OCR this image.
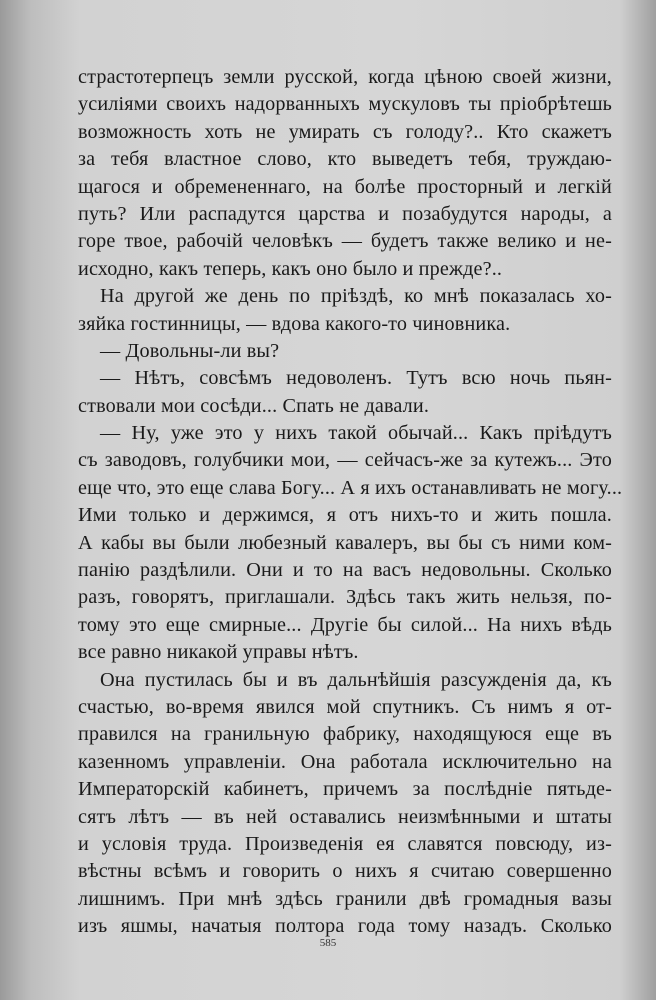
страстотерпецъ земли русской, когда цѣною своей жизни,
усиліями своихъ надорванныхъ мускуловъ ты пріобрѣтешь
возможность хоть не умирать съ голоду?.. Кто скажетъ
за тебя властное слово, кто выведетъ тебя, труждаю-
щагося и обремененнаго, на болѣе просторный и легкій
путь? Или распадутся царства и позабудутся народы, а
горе твое, рабочій человѣкъ — будетъ также велико и не-
исходно, какъ теперь, какъ оно было и прежде?..
На другой же день по пріѣздѣ, ко мнѣ показалась хо-
зяйка гостинницы, — вдова какого-то чиновника.
— Довольны-ли вы?
— Нѣтъ, совсѣмъ недоволенъ. Тутъ всю ночь пьян-
ствовали мои сосѣди... Спать не давали.
— Ну, уже это у нихъ такой обычай... Какъ пріѣдутъ
съ заводовъ, голубчики мои, — сейчасъ-же за кутежъ... Это
еще что, это еще слава Богу... А я ихъ останавливать не могу...
Ими только и держимся, я отъ нихъ-то и жить пошла.
А кабы вы были любезный кавалеръ, вы бы съ ними ком-
панію раздѣлили. Они и то на васъ недовольны. Сколько
разъ, говорятъ, приглашали. Здѣсь такъ жить нельзя, по-
тому это еще смирные... Другіе бы силой... На нихъ вѣдь
все равно никакой управы нѣтъ.
Она пустилась бы и въ дальнѣйшія разсужденія да, къ
счастью, во-время явился мой спутникъ. Съ нимъ я от-
правился на гранильную фабрику, находящуюся еще въ
казенномъ управленіи. Она работала исключительно на
Императорскій кабинетъ, причемъ за послѣдніе пятьде-
сятъ лѣтъ — въ ней оставались неизмѣнными и штаты
и условія труда. Произведенія ея славятся повсюду, из-
вѣстны всѣмъ и говорить о нихъ я считаю совершенно
лишнимъ. При мнѣ здѣсь гранили двѣ громадныя вазы
изъ яшмы, начатыя полтора года тому назадъ. Сколько
585
